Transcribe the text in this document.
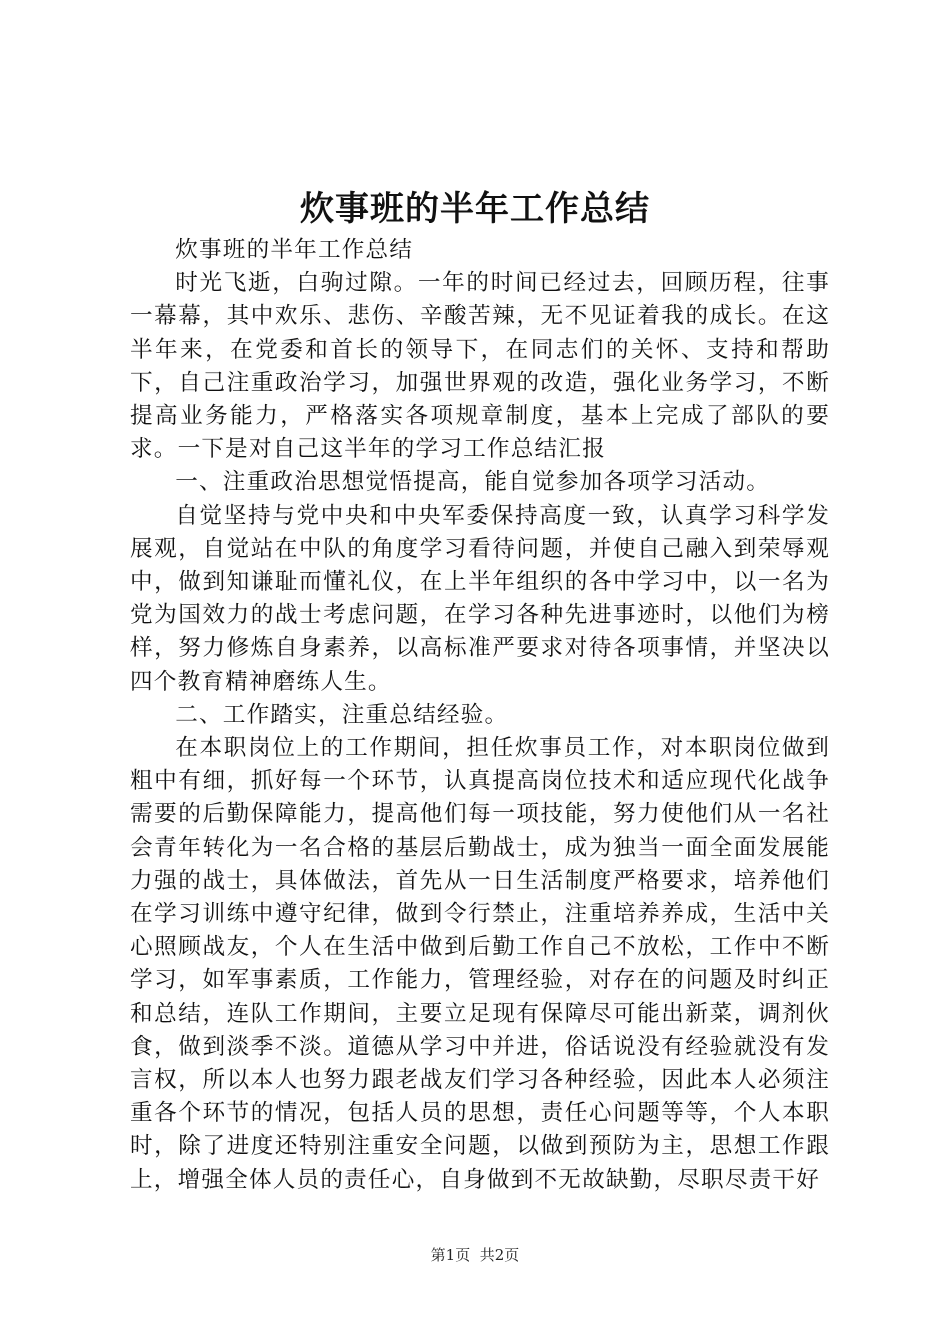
炊事班的半年工作总结

炊事班的半年工作总结

时光飞逝，白驹过隙。一年的时间已经过去，回顾历程，往事一幕幕，其中欢乐、悲伤、辛酸苦辣，无不见证着我的成长。在这半年来，在党委和首长的领导下，在同志们的关怀、支持和帮助下，自己注重政治学习，加强世界观的改造，强化业务学习，不断提高业务能力，严格落实各项规章制度，基本上完成了部队的要求。一下是对自己这半年的学习工作总结汇报

一、注重政治思想觉悟提高，能自觉参加各项学习活动。

自觉坚持与党中央和中央军委保持高度一致，认真学习科学发展观，自觉站在中队的角度学习看待问题，并使自己融入到荣辱观中，做到知谦耻而懂礼仪，在上半年组织的各中学习中，以一名为党为国效力的战士考虑问题，在学习各种先进事迹时，以他们为榜样，努力修炼自身素养，以高标准严要求对待各项事情，并坚决以四个教育精神磨练人生。

二、工作踏实，注重总结经验。

在本职岗位上的工作期间，担任炊事员工作，对本职岗位做到粗中有细，抓好每一个环节，认真提高岗位技术和适应现代化战争需要的后勤保障能力，提高他们每一项技能，努力使他们从一名社会青年转化为一名合格的基层后勤战士，成为独当一面全面发展能力强的战士，具体做法，首先从一日生活制度严格要求，培养他们在学习训练中遵守纪律，做到令行禁止，注重培养养成，生活中关心照顾战友，个人在生活中做到后勤工作自己不放松，工作中不断学习，如军事素质，工作能力，管理经验，对存在的问题及时纠正和总结，连队工作期间，主要立足现有保障尽可能出新菜，调剂伙食，做到淡季不淡。道德从学习中并进，俗话说没有经验就没有发言权，所以本人也努力跟老战友们学习各种经验，因此本人必须注重各个环节的情况，包括人员的思想，责任心问题等等，个人本职时，除了进度还特别注重安全问题，以做到预防为主，思想工作跟上，增强全体人员的责任心，自身做到不无故缺勤，尽职尽责干好

第1页 共2页
